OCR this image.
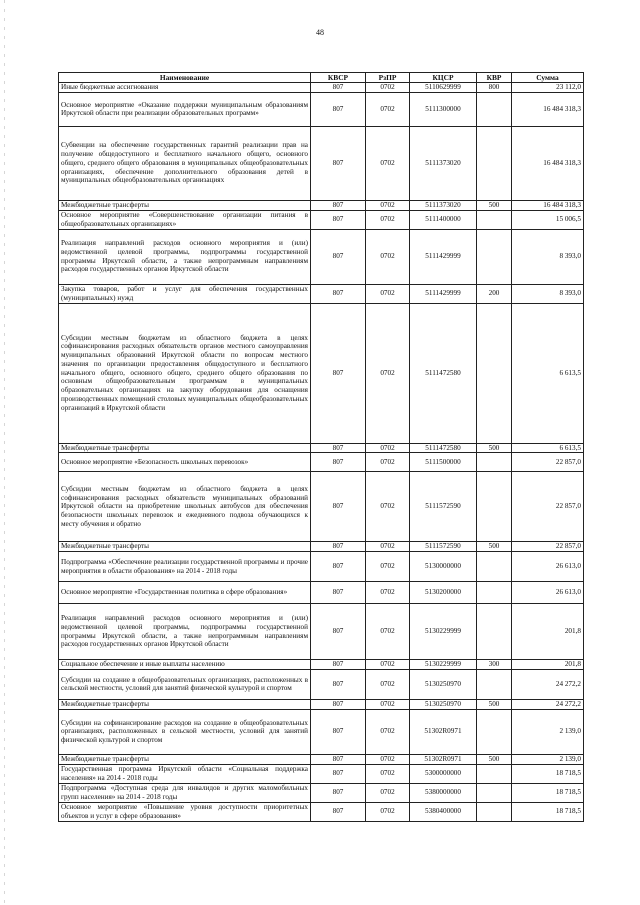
48
Наименование	КВСР	РзПР	КЦСР	КВР	Сумма
Иные бюджетные ассигнования	807	0702	5110629999	800	23 112,0
Основное мероприятие «Оказание поддержки муниципальным образованиям Иркутской области при реализации образовательных программ»	807	0702	5111300000		16 484 318,3
Субвенции на обеспечение государственных гарантий реализации прав на получение общедоступного и бесплатного начального общего, основного общего, среднего общего образования в муниципальных общеобразовательных организациях, обеспечение дополнительного образования детей в муниципальных общеобразовательных организациях	807	0702	5111373020		16 484 318,3
Межбюджетные трансферты	807	0702	5111373020	500	16 484 318,3
Основное мероприятие «Совершенствование организации питания в общеобразовательных организациях»	807	0702	5111400000		15 006,5
Реализация направлений расходов основного мероприятия и (или) ведомственной целевой программы, подпрограммы государственной программы Иркутской области, а также непрограммным направлениям расходов государственных органов Иркутской области	807	0702	5111429999		8 393,0
Закупка товаров, работ и услуг для обеспечения государственных (муниципальных) нужд	807	0702	5111429999	200	8 393,0
Субсидии местным бюджетам из областного бюджета в целях софинансирования расходных обязательств органов местного самоуправления муниципальных образований Иркутской области по вопросам местного значения по организации предоставления общедоступного и бесплатного начального общего, основного общего, среднего общего образования по основным общеобразовательным программам в муниципальных образовательных организациях на закупку оборудования для оснащения производственных помещений столовых муниципальных общеобразовательных организаций в Иркутской области	807	0702	5111472580		6 613,5
Межбюджетные трансферты	807	0702	5111472580	500	6 613,5
Основное мероприятие «Безопасность школьных перевозок»	807	0702	5111500000		22 857,0
Субсидии местным бюджетам из областного бюджета в целях софинансирования расходных обязательств муниципальных образований Иркутской области на приобретение школьных автобусов для обеспечения безопасности школьных перевозок и ежедневного подвоза обучающихся к месту обучения и обратно	807	0702	5111572590		22 857,0
Межбюджетные трансферты	807	0702	5111572590	500	22 857,0
Подпрограмма «Обеспечение реализации государственной программы и прочие мероприятия в области образования» на 2014 - 2018 годы	807	0702	5130000000		26 613,0
Основное мероприятие «Государственная политика в сфере образования»	807	0702	5130200000		26 613,0
Реализация направлений расходов основного мероприятия и (или) ведомственной целевой программы, подпрограммы государственной программы Иркутской области, а также непрограммным направлениям расходов государственных органов Иркутской области	807	0702	5130229999		201,8
Социальное обеспечение и иные выплаты населению	807	0702	5130229999	300	201,8
Субсидии на создание в общеобразовательных организациях, расположенных в сельской местности, условий для занятий физической культурой и спортом	807	0702	5130250970		24 272,2
Межбюджетные трансферты	807	0702	5130250970	500	24 272,2
Субсидии на софинансирование расходов на создание в общеобразовательных организациях, расположенных в сельской местности, условий для занятий физической культурой и спортом	807	0702	51302R0971		2 139,0
Межбюджетные трансферты	807	0702	51302R0971	500	2 139,0
Государственная программа Иркутской области «Социальная поддержка населения» на 2014 - 2018 годы	807	0702	5300000000		18 718,5
Подпрограмма «Доступная среда для инвалидов и других маломобильных групп населения» на 2014 - 2018 годы	807	0702	5380000000		18 718,5
Основное мероприятие «Повышение уровня доступности приоритетных объектов и услуг в сфере образования»	807	0702	5380400000		18 718,5
